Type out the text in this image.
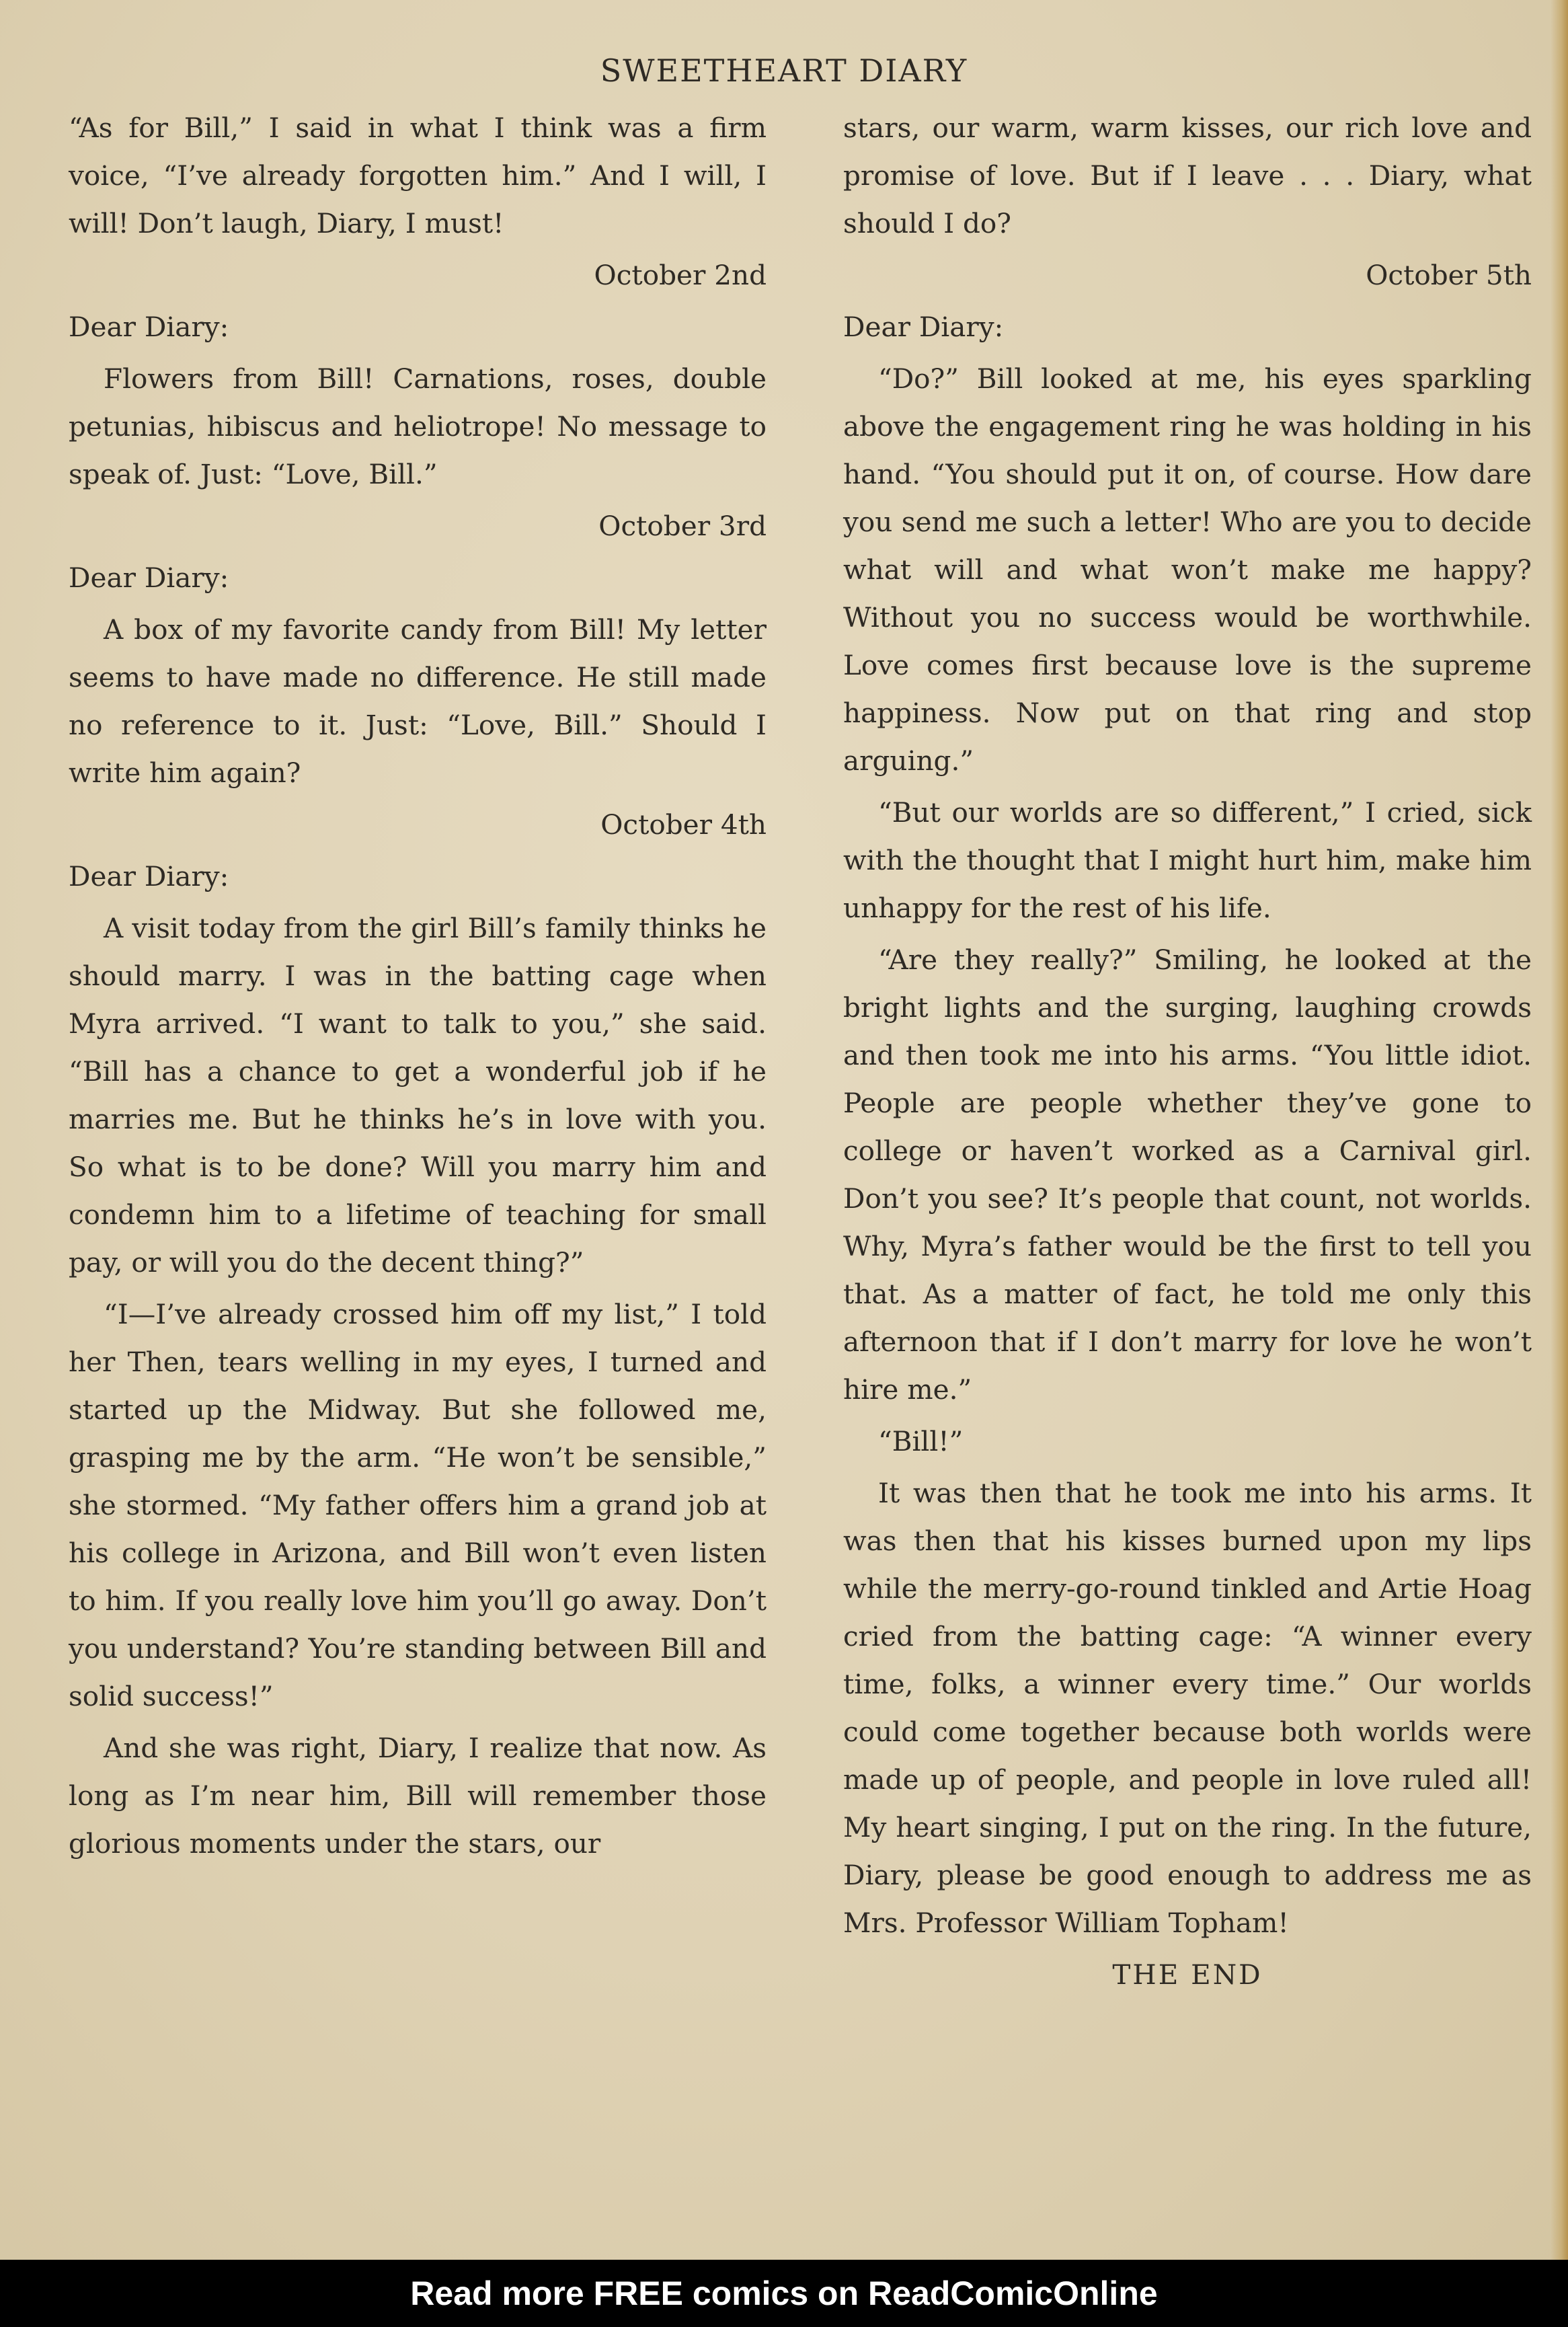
SWEETHEART DIARY

“As for Bill,” I said in what I think was a firm voice, “I’ve already forgotten him.” And I will, I will! Don’t laugh, Diary, I must!

October 2nd

Dear Diary:

Flowers from Bill! Carnations, roses, double petunias, hibiscus and heliotrope! No message to speak of. Just: “Love, Bill.”

October 3rd

Dear Diary:

A box of my favorite candy from Bill! My letter seems to have made no difference. He still made no reference to it. Just: “Love, Bill.” Should I write him again?

October 4th

Dear Diary:

A visit today from the girl Bill’s family thinks he should marry. I was in the batting cage when Myra arrived. “I want to talk to you,” she said. “Bill has a chance to get a wonderful job if he marries me. But he thinks he’s in love with you. So what is to be done? Will you marry him and condemn him to a lifetime of teaching for small pay, or will you do the decent thing?”

“I—I’ve already crossed him off my list,” I told her Then, tears welling in my eyes, I turned and started up the Midway. But she followed me, grasping me by the arm. “He won’t be sensible,” she stormed. “My father offers him a grand job at his college in Arizona, and Bill won’t even listen to him. If you really love him you’ll go away. Don’t you understand? You’re standing between Bill and solid success!”

And she was right, Diary, I realize that now. As long as I’m near him, Bill will remember those glorious moments under the stars, our

stars, our warm, warm kisses, our rich love and promise of love. But if I leave . . . Diary, what should I do?

October 5th

Dear Diary:

“Do?” Bill looked at me, his eyes sparkling above the engagement ring he was holding in his hand. “You should put it on, of course. How dare you send me such a letter! Who are you to decide what will and what won’t make me happy? Without you no success would be worthwhile. Love comes first because love is the supreme happiness. Now put on that ring and stop arguing.”

“But our worlds are so different,” I cried, sick with the thought that I might hurt him, make him unhappy for the rest of his life.

“Are they really?” Smiling, he looked at the bright lights and the surging, laughing crowds and then took me into his arms. “You little idiot. People are people whether they’ve gone to college or haven’t worked as a Carnival girl. Don’t you see? It’s people that count, not worlds. Why, Myra’s father would be the first to tell you that. As a matter of fact, he told me only this afternoon that if I don’t marry for love he won’t hire me.”

“Bill!”

It was then that he took me into his arms. It was then that his kisses burned upon my lips while the merry-go-round tinkled and Artie Hoag cried from the batting cage: “A winner every time, folks, a winner every time.” Our worlds could come together because both worlds were made up of people, and people in love ruled all! My heart singing, I put on the ring. In the future, Diary, please be good enough to address me as Mrs. Professor William Topham!

THE END

Read more FREE comics on ReadComicOnline
